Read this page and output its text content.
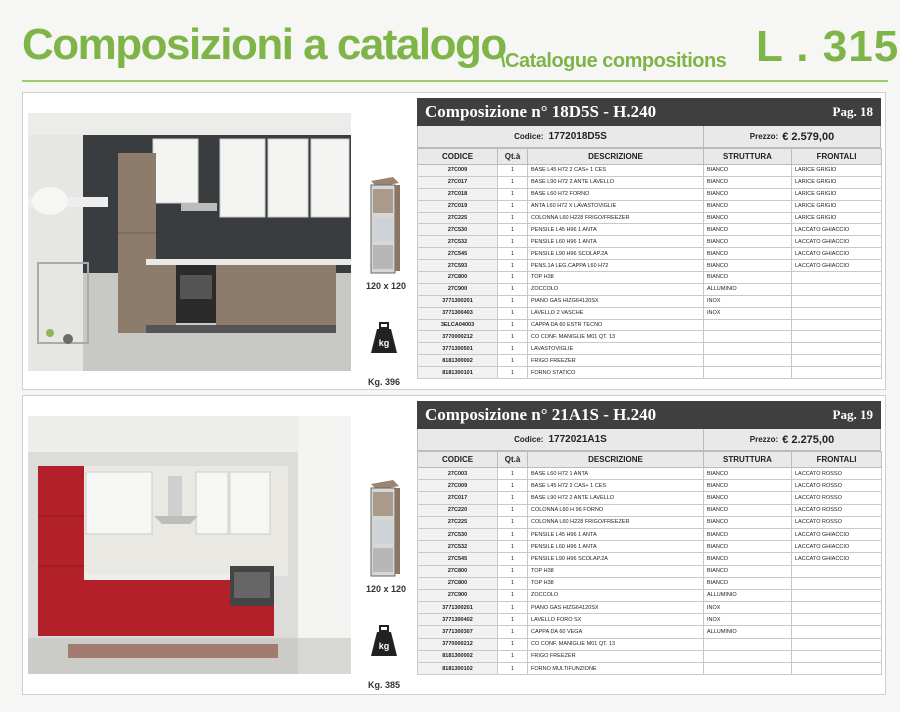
Composizioni a catalogo
\Catalogue compositions L . 315
120 x 120
kg
Kg. 396
Composizione n° 18D5S - H.240	Pag. 18
Codice: 1772018D5S	Prezzo: € 2.579,00
CODICE	Qt.à	DESCRIZIONE	STRUTTURA	FRONTALI
27C009	1	BASE L45 H72 2 CAS+ 1 CES	BIANCO	LARICE GRIGIO
27C017	1	BASE L90 H72 2 ANTE LAVELLO	BIANCO	LARICE GRIGIO
27C018	1	BASE L60 H72 FORNO	BIANCO	LARICE GRIGIO
27C019	1	ANTA L60 H72 X LAVASTOVIGLIE	BIANCO	LARICE GRIGIO
27C225	1	COLONNA L60 H228 FRIGO/FREEZER	BIANCO	LARICE GRIGIO
27C530	1	PENSILE L45 H96 1 ANTA	BIANCO	LACCATO GHIACCIO
27C532	1	PENSILE L60 H96 1 ANTA	BIANCO	LACCATO GHIACCIO
27C545	1	PENSILE L90 H96 SCOLAP.2A	BIANCO	LACCATO GHIACCIO
27C593	1	PENS.1A LEG.CAPPA L60 H72	BIANCO	LACCATO GHIACCIO
27C800	1	TOP H38	BIANCO	
27C900	1	ZOCCOLO	ALLUMINIO	
3771300201	1	PIANO GAS HIZG64120SX	INOX	
3771300403	1	LAVELLO 2 VASCHE	INOX	
3ELCA04003	1	CAPPA DA 60 ESTR TECNO		
3770000212	1	CO CONF. MANIGLIE M01 QT. 13		
3771300501	1	LAVASTOVIGLIE		
8181300002	1	FRIGO FREEZER		
8181300101	1	FORNO STATICO		
120 x 120
kg
Kg. 385
Composizione n° 21A1S - H.240	Pag. 19
Codice: 1772021A1S	Prezzo: € 2.275,00
CODICE	Qt.à	DESCRIZIONE	STRUTTURA	FRONTALI
27C003	1	BASE L60 H72 1 ANTA	BIANCO	LACCATO ROSSO
27C009	1	BASE L45 H72 2 CAS+ 1 CES	BIANCO	LACCATO ROSSO
27C017	1	BASE L90 H72 2 ANTE LAVELLO	BIANCO	LACCATO ROSSO
27C220	1	COLONNA L60 H 96 FORNO	BIANCO	LACCATO ROSSO
27C225	1	COLONNA L60 H228 FRIGO/FREEZER	BIANCO	LACCATO ROSSO
27C530	1	PENSILE L45 H96 1 ANTA	BIANCO	LACCATO GHIACCIO
27C532	1	PENSILE L60 H96 1 ANTA	BIANCO	LACCATO GHIACCIO
27C545	1	PENSILE L90 H96 SCOLAP.2A	BIANCO	LACCATO GHIACCIO
27C800	1	TOP H38	BIANCO	
27C800	1	TOP H38	BIANCO	
27C900	1	ZOCCOLO	ALLUMINIO	
3771300201	1	PIANO GAS HIZG64120SX	INOX	
3771300402	1	LAVELLO FORO SX	INOX	
3771300307	1	CAPPA DA 60 VEGA	ALLUMINIO	
3770000212	1	CO CONF. MANIGLIE M01 QT. 13		
8181300002	1	FRIGO FREEZER		
8181300102	1	FORNO MULTIFUNZIONE		
